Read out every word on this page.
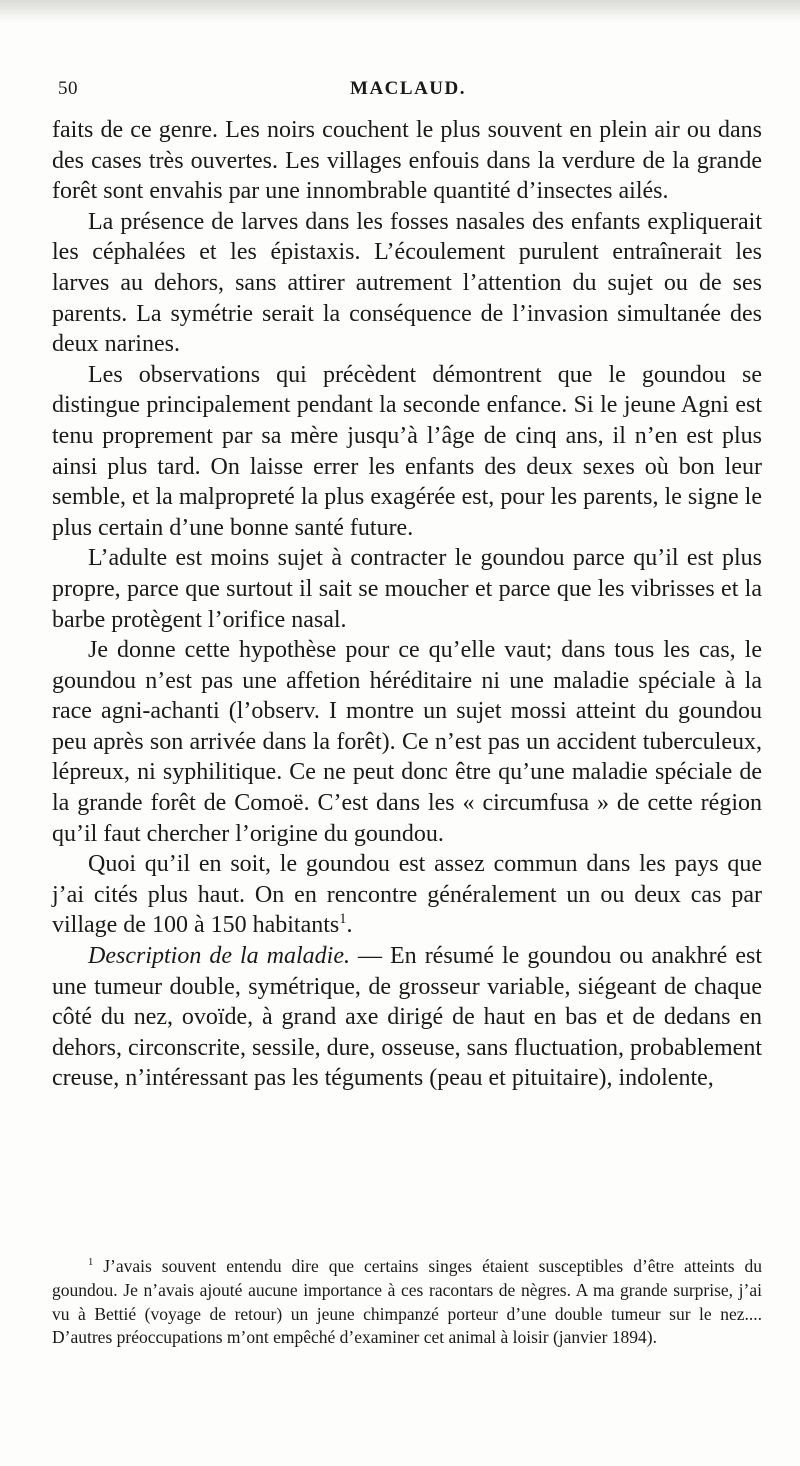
50	MACLAUD.

faits de ce genre. Les noirs couchent le plus souvent en plein air ou dans des cases très ouvertes. Les villages enfouis dans la verdure de la grande forêt sont envahis par une innombrable quantité d’insectes ailés.

La présence de larves dans les fosses nasales des enfants expliquerait les céphalées et les épistaxis. L’écoulement purulent entraînerait les larves au dehors, sans attirer autrement l’attention du sujet ou de ses parents. La symétrie serait la conséquence de l’invasion simultanée des deux narines.

Les observations qui précèdent démontrent que le goundou se distingue principalement pendant la seconde enfance. Si le jeune Agni est tenu proprement par sa mère jusqu’à l’âge de cinq ans, il n’en est plus ainsi plus tard. On laisse errer les enfants des deux sexes où bon leur semble, et la malpropreté la plus exagérée est, pour les parents, le signe le plus certain d’une bonne santé future.

L’adulte est moins sujet à contracter le goundou parce qu’il est plus propre, parce que surtout il sait se moucher et parce que les vibrisses et la barbe protègent l’orifice nasal.

Je donne cette hypothèse pour ce qu’elle vaut; dans tous les cas, le goundou n’est pas une affetion héréditaire ni une maladie spéciale à la race agni-achanti (l’observ. I montre un sujet mossi atteint du goundou peu après son arrivée dans la forêt). Ce n’est pas un accident tuberculeux, lépreux, ni syphilitique. Ce ne peut donc être qu’une maladie spéciale de la grande forêt de Comoë. C’est dans les « circumfusa » de cette région qu’il faut chercher l’origine du goundou.

Quoi qu’il en soit, le goundou est assez commun dans les pays que j’ai cités plus haut. On en rencontre généralement un ou deux cas par village de 100 à 150 habitants$^1$.

Description de la maladie. — En résumé le goundou ou anakhré est une tumeur double, symétrique, de grosseur variable, siégeant de chaque côté du nez, ovoïde, à grand axe dirigé de haut en bas et de dedans en dehors, circonscrite, sessile, dure, osseuse, sans fluctuation, probablement creuse, n’intéressant pas les téguments (peau et pituitaire), indolente,

$^1$ J’avais souvent entendu dire que certains singes étaient susceptibles d’être atteints du goundou. Je n’avais ajouté aucune importance à ces racontars de nègres. A ma grande surprise, j’ai vu à Bettié (voyage de retour) un jeune chimpanzé porteur d’une double tumeur sur le nez.... D’autres préoccupations m’ont empêché d’examiner cet animal à loisir (janvier 1894).
